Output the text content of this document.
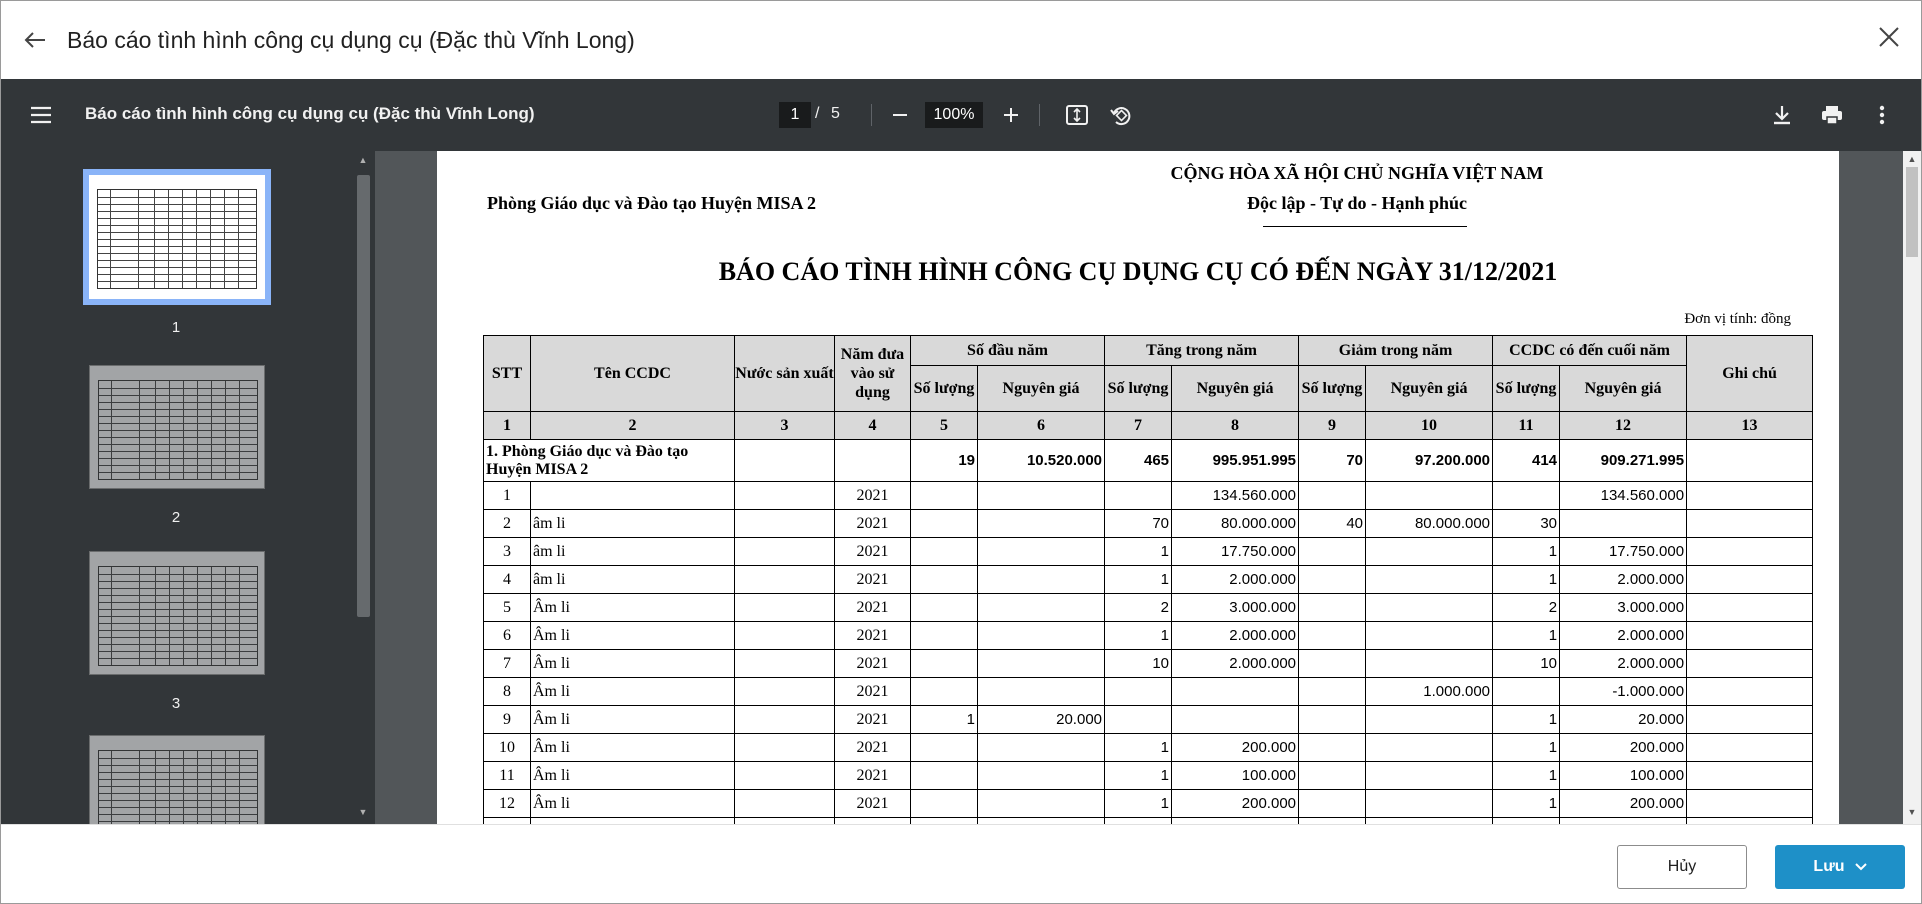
Báo cáo tình hình công cụ dụng cụ (Đặc thù Vĩnh Long)
Báo cáo tình hình công cụ dụng cụ (Đặc thù Vĩnh Long)
1	/ 5
100%
1
2
3
▲
▼
Phòng Giáo dục và Đào tạo Huyện MISA 2
CỘNG HÒA XÃ HỘI CHỦ NGHĨA VIỆT NAM
Độc lập - Tự do - Hạnh phúc
BÁO CÁO TÌNH HÌNH CÔNG CỤ DỤNG CỤ CÓ ĐẾN NGÀY 31/12/2021
Đơn vị tính: đồng
STT	Tên CCDC	Nước sản xuất	Năm đưa vào sử dụng	Số đầu năm		Tăng trong năm		Giảm trong năm		CCDC có đến cuối năm		Ghi chú
				Số lượng	Nguyên giá	Số lượng	Nguyên giá	Số lượng	Nguyên giá	Số lượng	Nguyên giá	
1	2	3	4	5	6	7	8	9	10	11	12	13
1. Phòng Giáo dục và Đào tạo Huyện MISA 2				19	10.520.000	465	995.951.995	70	97.200.000	414	909.271.995	
1			2021				134.560.000				134.560.000	
2	âm li		2021			70	80.000.000	40	80.000.000	30		
3	âm li		2021			1	17.750.000			1	17.750.000	
4	âm li		2021			1	2.000.000			1	2.000.000	
5	Âm li		2021			2	3.000.000			2	3.000.000	
6	Âm li		2021			1	2.000.000			1	2.000.000	
7	Âm li		2021			10	2.000.000			10	2.000.000	
8	Âm li		2021						1.000.000		-1.000.000	
9	Âm li		2021	1	20.000					1	20.000	
10	Âm li		2021			1	200.000			1	200.000	
11	Âm li		2021			1	100.000			1	100.000	
12	Âm li		2021			1	200.000			1	200.000	

▲
▼
Hủy	Lưu
